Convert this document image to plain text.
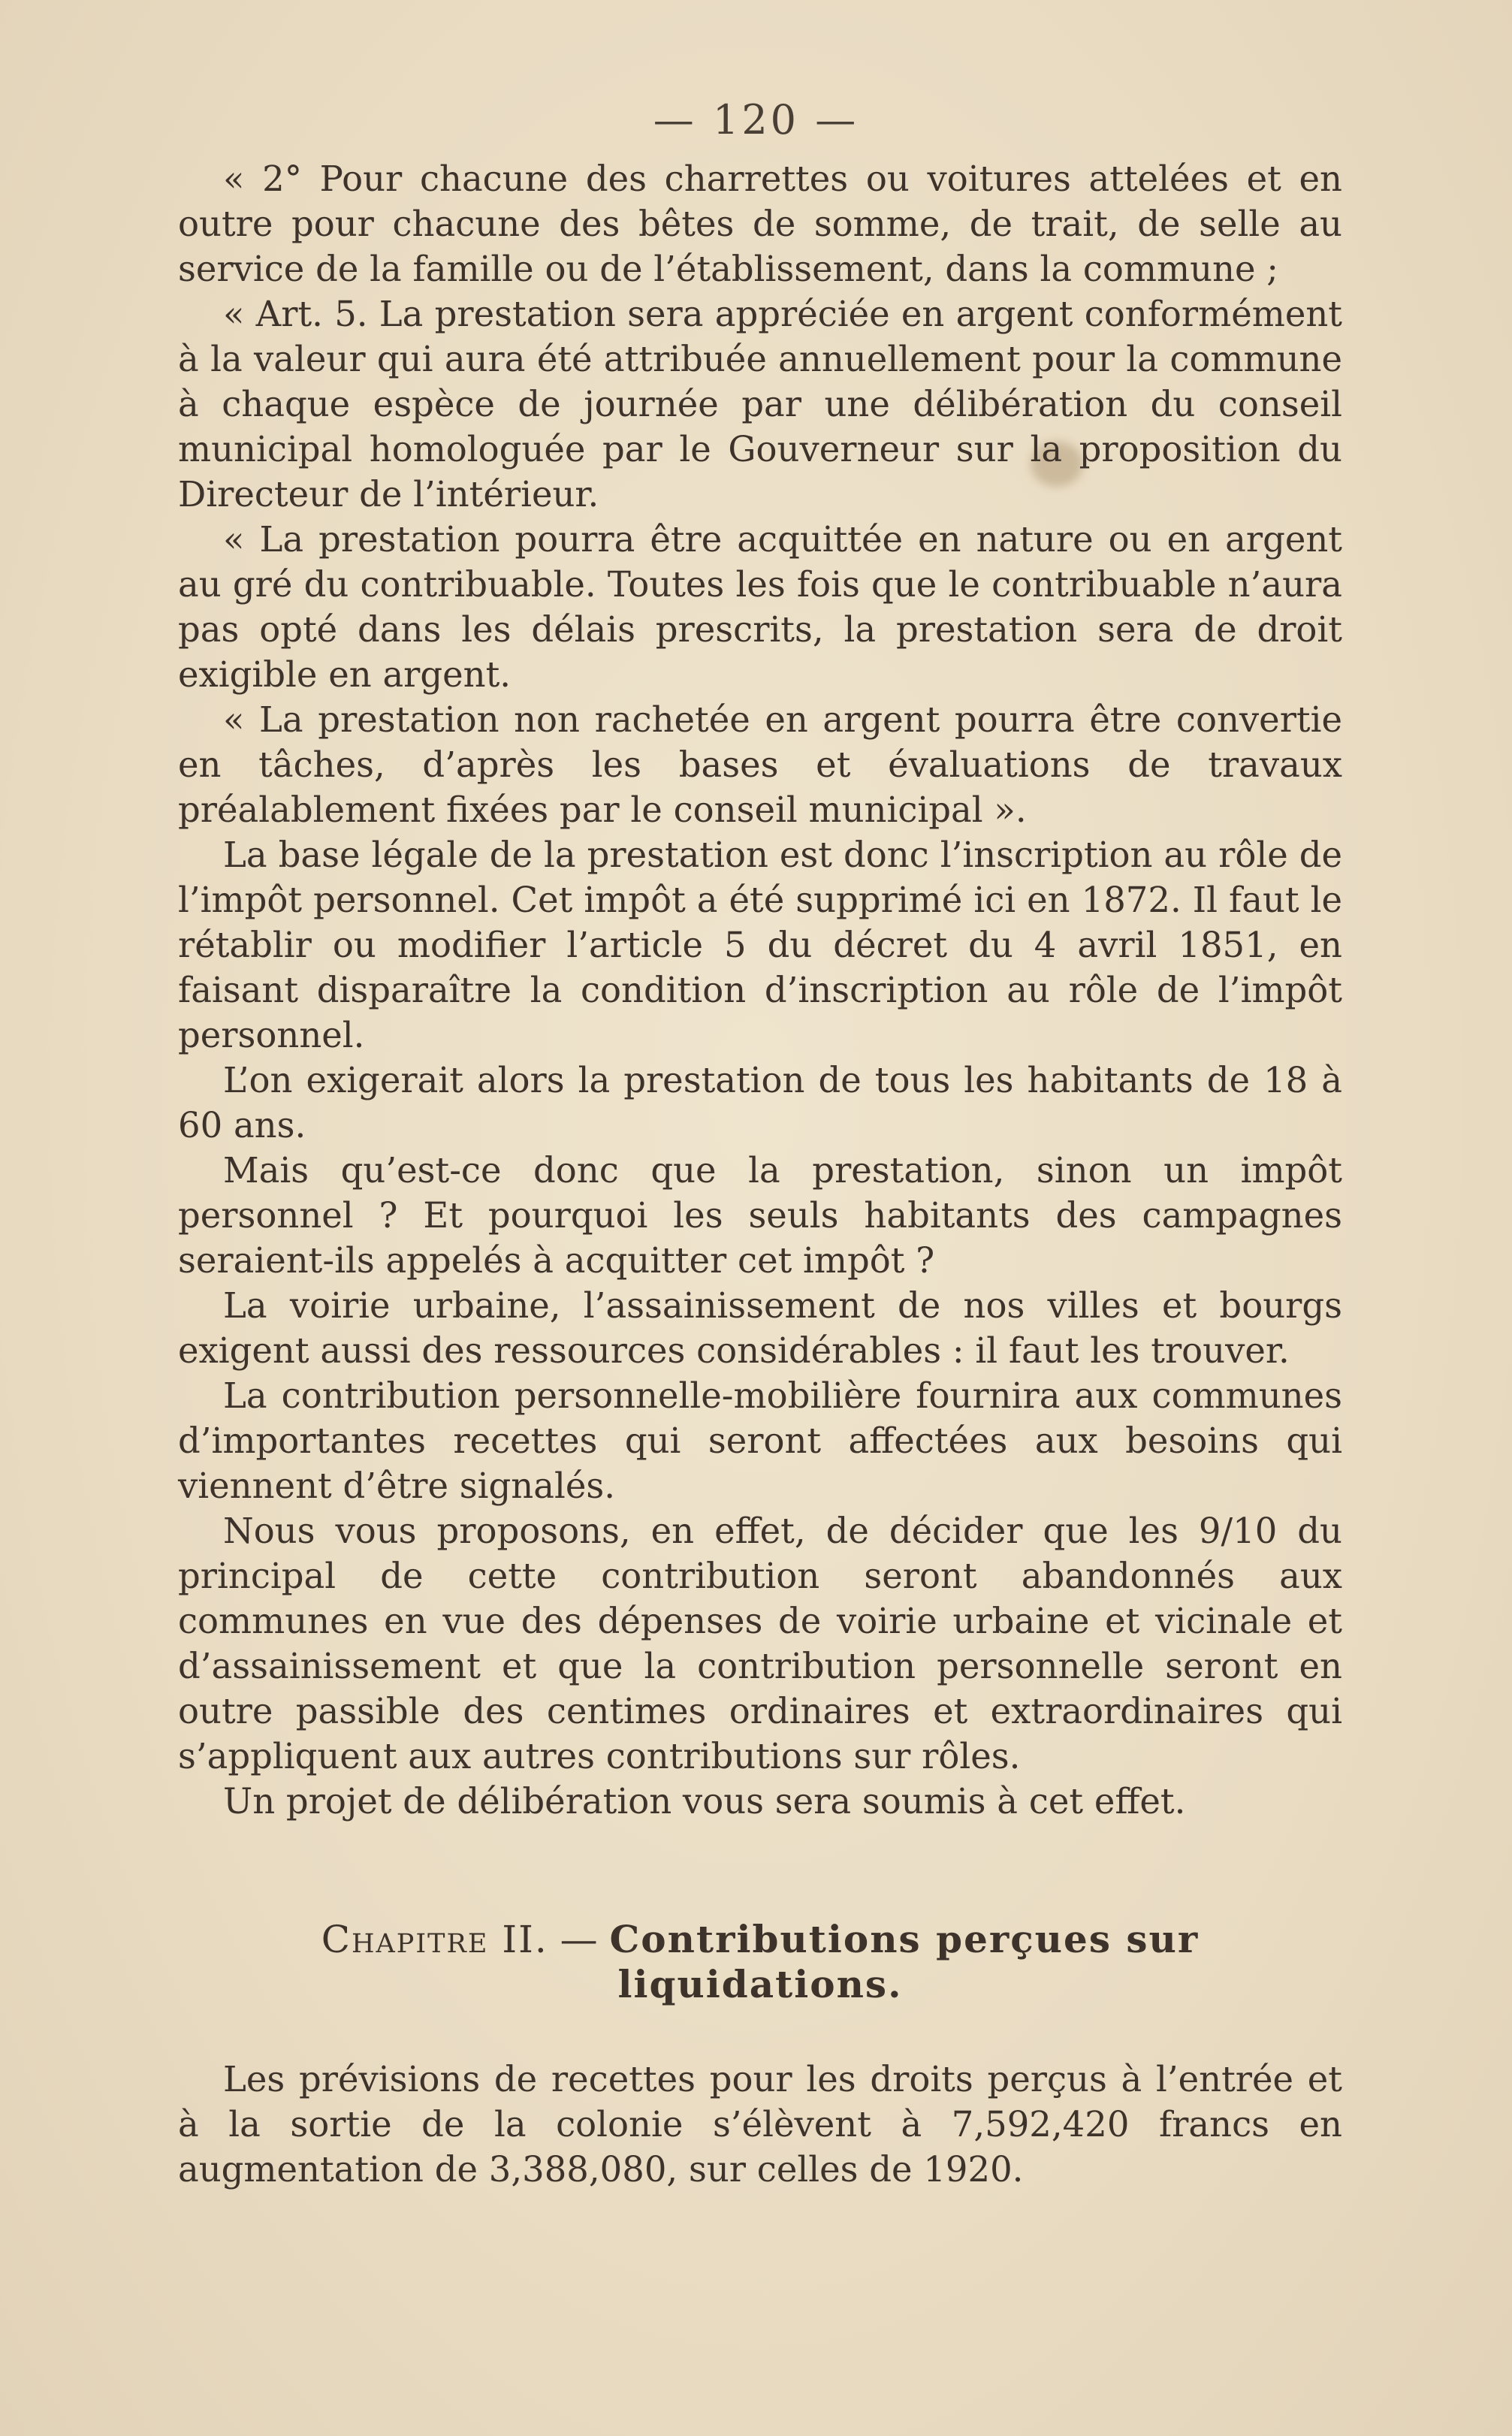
— 120 —

« 2° Pour chacune des charrettes ou voitures attelées et en outre pour chacune des bêtes de somme, de trait, de selle au service de la famille ou de l’établissement, dans la commune ;

« Art. 5. La prestation sera appréciée en argent conformément à la valeur qui aura été attribuée annuellement pour la commune à chaque espèce de journée par une délibération du conseil municipal homologuée par le Gouverneur sur la proposition du Directeur de l’intérieur.

« La prestation pourra être acquittée en nature ou en argent au gré du contribuable. Toutes les fois que le contribuable n’aura pas opté dans les délais prescrits, la prestation sera de droit exigible en argent.

« La prestation non rachetée en argent pourra être convertie en tâches, d’après les bases et évaluations de travaux préalablement fixées par le conseil municipal ».

La base légale de la prestation est donc l’inscription au rôle de l’impôt personnel. Cet impôt a été supprimé ici en 1872. Il faut le rétablir ou modifier l’article 5 du décret du 4 avril 1851, en faisant disparaître la condition d’inscription au rôle de l’impôt personnel.

L’on exigerait alors la prestation de tous les habitants de 18 à 60 ans.

Mais qu’est-ce donc que la prestation, sinon un impôt personnel ? Et pourquoi les seuls habitants des campagnes seraient-ils appelés à acquitter cet impôt ?

La voirie urbaine, l’assainissement de nos villes et bourgs exigent aussi des ressources considérables : il faut les trouver.

La contribution personnelle-mobilière fournira aux communes d’importantes recettes qui seront affectées aux besoins qui viennent d’être signalés.

Nous vous proposons, en effet, de décider que les 9/10 du principal de cette contribution seront abandonnés aux communes en vue des dépenses de voirie urbaine et vicinale et d’assainissement et que la contribution personnelle seront en outre passible des centimes ordinaires et extraordinaires qui s’appliquent aux autres contributions sur rôles.

Un projet de délibération vous sera soumis à cet effet.

Chapitre II. — Contributions perçues sur liquidations.

Les prévisions de recettes pour les droits perçus à l’entrée et à la sortie de la colonie s’élèvent à 7,592,420 francs en augmentation de 3,388,080, sur celles de 1920.
